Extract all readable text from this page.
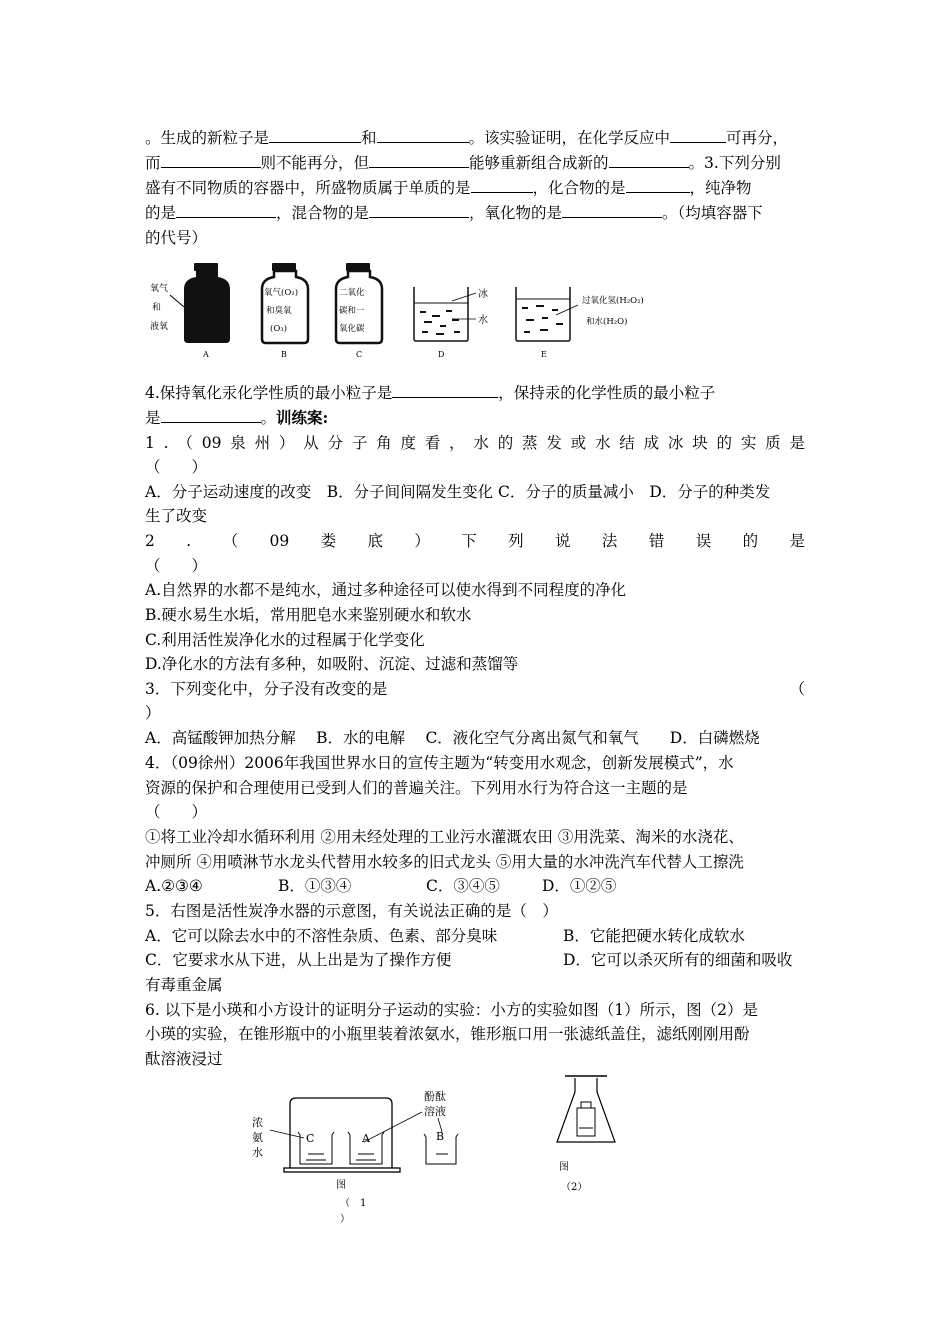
。生成的新粒子是	和	。该实验证明，在化学反应中	可再分，
而	则不能再分，但	能够重新组合成新的	。3.下列分别
盛有不同物质的容器中，所盛物质属于单质的是	，化合物的是	，纯净物
的是	，混合物的是	，氧化物的是	。（均填容器下
的代号）
氧气
和
液氧
A
氧气(O₂)
和臭氧
(O₃)
B
二氧化
碳和一
氧化碳
C
冰
水
D
过氧化氢(H₂O₂)
和水(H₂O)
E
4.保持氧化汞化学性质的最小粒子是	，保持汞的化学性质的最小粒子
是	。训练案:
1 . （ 09 泉 州 ） 从 分 子 角 度 看 ， 水 的 蒸 发 或 水 结 成 冰 块 的 实 质 是
（　　）
A．分子运动速度的改变　B．分子间间隔发生变化 C．分子的质量减小　D．分子的种类发
生了改变
2 . （ 09 娄 底 ） 下 列 说 法 错 误 的 是
（　　）
A.自然界的水都不是纯水，通过多种途径可以使水得到不同程度的净化
B.硬水易生水垢，常用肥皂水来鉴别硬水和软水
C.利用活性炭净化水的过程属于化学变化
D.净化水的方法有多种，如吸附、沉淀、过滤和蒸馏等
3．下列变化中，分子没有改变的是	（
）
A．高锰酸钾加热分解　 B．水的电解　 C．液化空气分离出氮气和氧气　　D．白磷燃烧
4．（09徐州）2006年我国世界水日的宣传主题为“转变用水观念，创新发展模式”，水
资源的保护和合理使用已受到人们的普遍关注。下列用水行为符合这一主题的是
（　　）
①将工业冷却水循环利用 ②用未经处理的工业污水灌溉农田 ③用洗菜、淘米的水浇花、
冲厕所 ④用喷淋节水龙头代替用水较多的旧式龙头 ⑤用大量的水冲洗汽车代替人工擦洗
A.②③④	B．①③④	C．③④⑤	D．①②⑤
5．右图是活性炭净水器的示意图，有关说法正确的是（　）
A．它可以除去水中的不溶性杂质、色素、部分臭味	B．它能把硬水转化成软水
C．它要求水从下进，从上出是为了操作方便	D．它可以杀灭所有的细菌和吸收
有毒重金属
6. 以下是小瑛和小方设计的证明分子运动的实验：小方的实验如图（1）所示，图（2）是
小瑛的实验，在锥形瓶中的小瓶里装着浓氨水，锥形瓶口用一张滤纸盖住，滤纸刚刚用酚
酞溶液浸过
浓
氨
水
C	A
酚酞
溶液
B
图
（　1
）
图
（2）
